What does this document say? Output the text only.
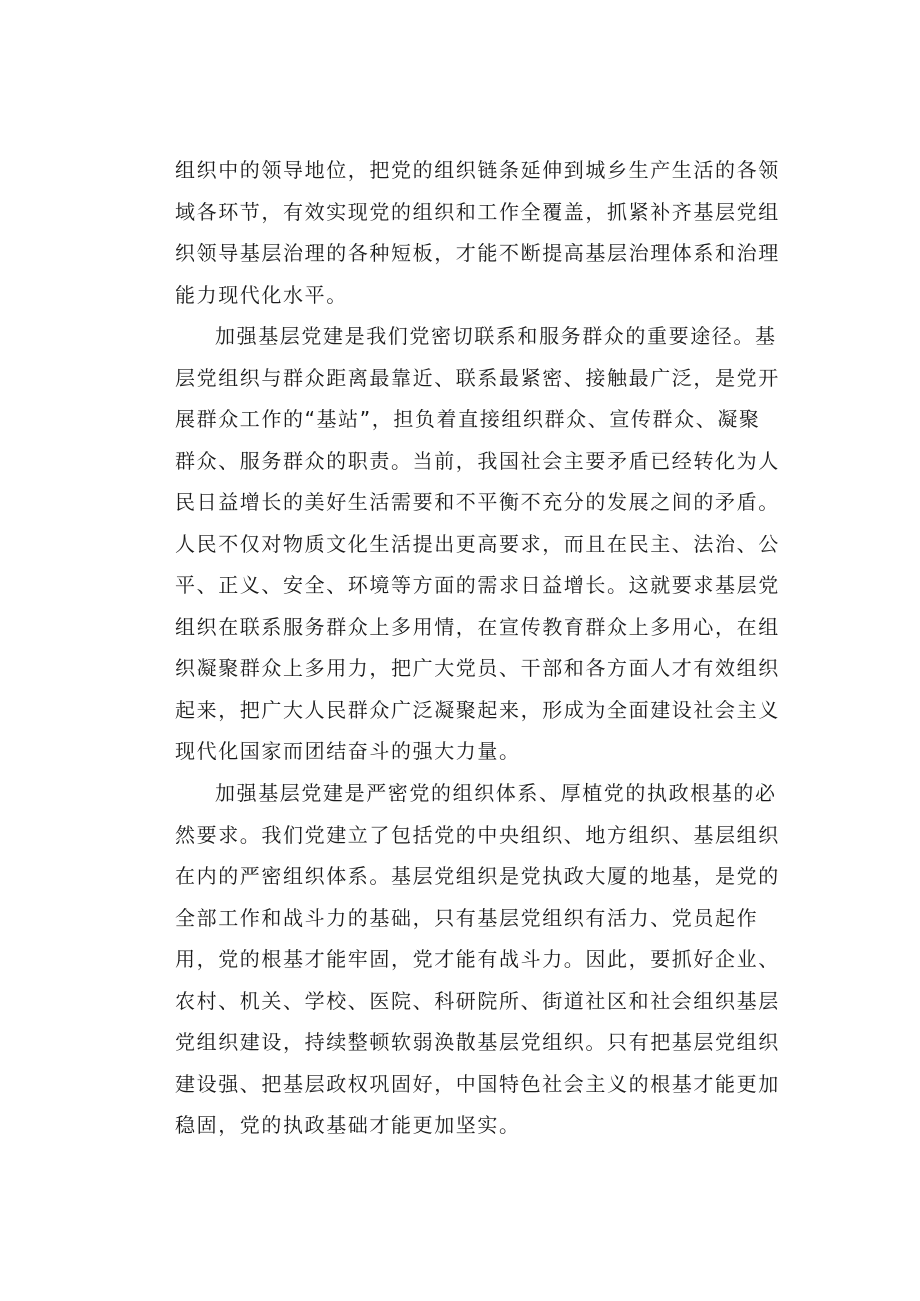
组织中的领导地位，把党的组织链条延伸到城乡生产生活的各领
域各环节，有效实现党的组织和工作全覆盖，抓紧补齐基层党组
织领导基层治理的各种短板，才能不断提高基层治理体系和治理
能力现代化水平。
加强基层党建是我们党密切联系和服务群众的重要途径。基
层党组织与群众距离最靠近、联系最紧密、接触最广泛，是党开
展群众工作的“基站”，担负着直接组织群众、宣传群众、凝聚
群众、服务群众的职责。当前，我国社会主要矛盾已经转化为人
民日益增长的美好生活需要和不平衡不充分的发展之间的矛盾。
人民不仅对物质文化生活提出更高要求，而且在民主、法治、公
平、正义、安全、环境等方面的需求日益增长。这就要求基层党
组织在联系服务群众上多用情，在宣传教育群众上多用心，在组
织凝聚群众上多用力，把广大党员、干部和各方面人才有效组织
起来，把广大人民群众广泛凝聚起来，形成为全面建设社会主义
现代化国家而团结奋斗的强大力量。
加强基层党建是严密党的组织体系、厚植党的执政根基的必
然要求。我们党建立了包括党的中央组织、地方组织、基层组织
在内的严密组织体系。基层党组织是党执政大厦的地基，是党的
全部工作和战斗力的基础，只有基层党组织有活力、党员起作
用，党的根基才能牢固，党才能有战斗力。因此，要抓好企业、
农村、机关、学校、医院、科研院所、街道社区和社会组织基层
党组织建设，持续整顿软弱涣散基层党组织。只有把基层党组织
建设强、把基层政权巩固好，中国特色社会主义的根基才能更加
稳固，党的执政基础才能更加坚实。
